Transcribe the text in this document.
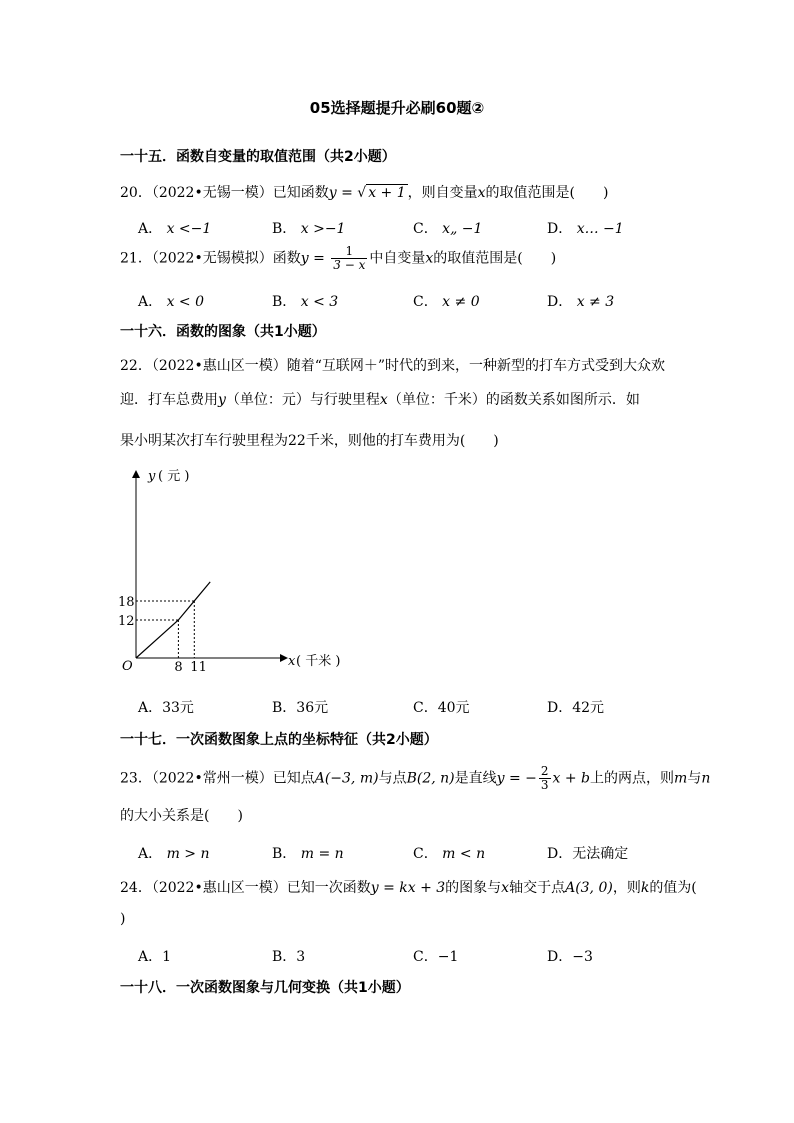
05选择题提升必刷60题②
一十五．函数自变量的取值范围（共2小题）
20．（2022•无锡一模）已知函数y = √ x + 1 ，则自变量x的取值范围是(　　)
A． x <−1	B． x >−1	C． x„ −1	D． x… −1
21．（2022•无锡模拟）函数$y = \frac{1}{3 - x}$ 中自变量x的取值范围是(　　)
A． x < 0	B． x < 3	C． x ≠ 0	D． x ≠ 3
一十六．函数的图象（共1小题）
22．（2022•惠山区一模）随着“互联网＋”时代的到来，一种新型的打车方式受到大众欢
迎．打车总费用y（单位：元）与行驶里程x（单位：千米）的函数关系如图所示．如
果小明某次打车行驶里程为22千米，则他的打车费用为(　　)
O
y ( 元 )
x ( 千米 )
8
12
11
18
A．33元	B．36元	C．40元	D．42元
一十七．一次函数图象上点的坐标特征（共2小题）
23．（2022•常州一模）已知点A(−3, m)与点B(2, n)是直线y = − $\frac{2}{3}$ x + b上的两点，则m与n
的大小关系是(　　)
A． m > n	B． m = n	C． m < n	D．无法确定
24．（2022•惠山区一模）已知一次函数y = kx + 3的图象与x轴交于点A(3, 0)，则k的值为(
)
A．1	B．3	C．−1	D．−3
一十八．一次函数图象与几何变换（共1小题）
